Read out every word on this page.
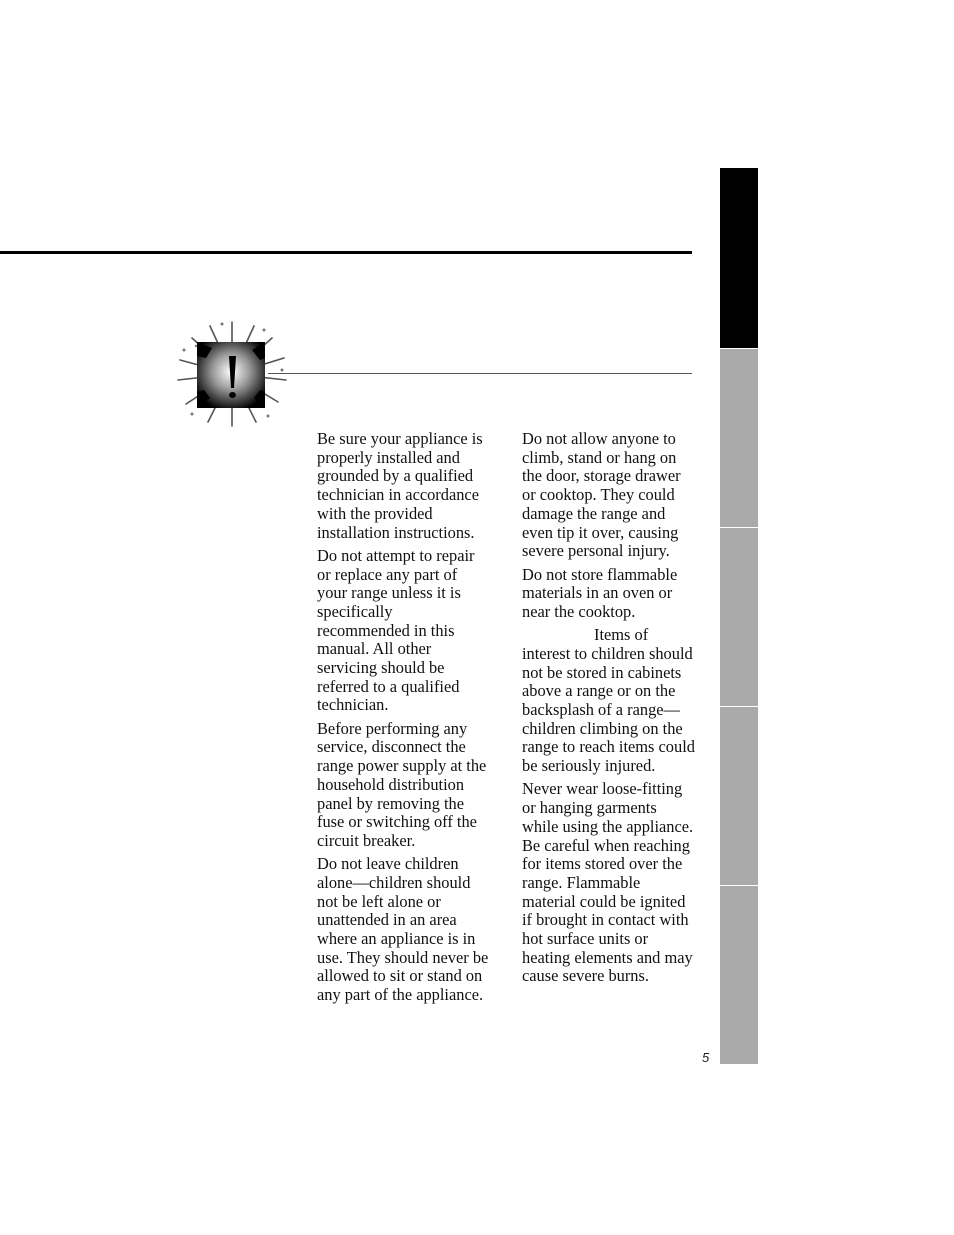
Be sure your appliance is properly installed and grounded by a qualified technician in accordance with the provided installation instructions.

Do not attempt to repair or replace any part of your range unless it is specifically recommended in this manual. All other servicing should be referred to a qualified technician.

Before performing any service, disconnect the range power supply at the household distribution panel by removing the fuse or switching off the circuit breaker.

Do not leave children alone—children should not be left alone or unattended in an area where an appliance is in use. They should never be allowed to sit or stand on any part of the appliance.

Do not allow anyone to climb, stand or hang on the door, storage drawer or cooktop. They could damage the range and even tip it over, causing severe personal injury.

Do not store flammable materials in an oven or near the cooktop.

Items of interest to children should not be stored in cabinets above a range or on the backsplash of a range—children climbing on the range to reach items could be seriously injured.

Never wear loose-fitting or hanging garments while using the appliance. Be careful when reaching for items stored over the range. Flammable material could be ignited if brought in contact with hot surface units or heating elements and may cause severe burns.

5
